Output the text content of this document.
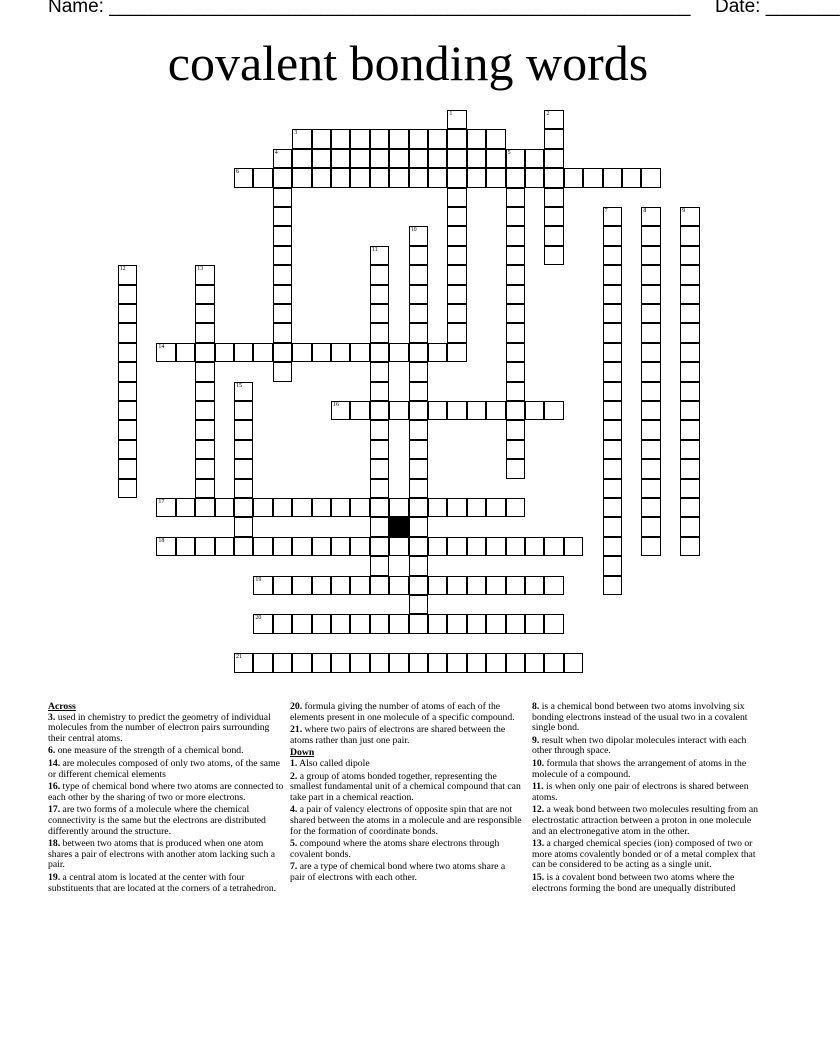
Name: _______________________________________________________ Date: _______
covalent bonding words
3
4	5
6
14
16
17
18
19
20
21
1	2
7	8	9
10
11
12	13
15
Across
3. used in chemistry to predict the geometry of individual molecules from the number of electron pairs surrounding their central atoms.
6. one measure of the strength of a chemical bond.
14. are molecules composed of only two atoms, of the same or different chemical elements
16. type of chemical bond where two atoms are connected to each other by the sharing of two or more electrons.
17. are two forms of a molecule where the chemical connectivity is the same but the electrons are distributed differently around the structure.
18. between two atoms that is produced when one atom shares a pair of electrons with another atom lacking such a pair.
19. a central atom is located at the center with four substituents that are located at the corners of a tetrahedron.
20. formula giving the number of atoms of each of the elements present in one molecule of a specific compound.
21. where two pairs of electrons are shared between the atoms rather than just one pair.
Down
1. Also called dipole
2. a group of atoms bonded together, representing the smallest fundamental unit of a chemical compound that can take part in a chemical reaction.
4. a pair of valency electrons of opposite spin that are not shared between the atoms in a molecule and are responsible for the formation of coordinate bonds.
5. compound where the atoms share electrons through covalent bonds.
7. are a type of chemical bond where two atoms share a pair of electrons with each other.
8. is a chemical bond between two atoms involving six bonding electrons instead of the usual two in a covalent single bond.
9. result when two dipolar molecules interact with each other through space.
10. formula that shows the arrangement of atoms in the molecule of a compound.
11. is when only one pair of electrons is shared between atoms.
12. a weak bond between two molecules resulting from an electrostatic attraction between a proton in one molecule and an electronegative atom in the other.
13. a charged chemical species (ion) composed of two or more atoms covalently bonded or of a metal complex that can be considered to be acting as a single unit.
15. is a covalent bond between two atoms where the electrons forming the bond are unequally distributed
